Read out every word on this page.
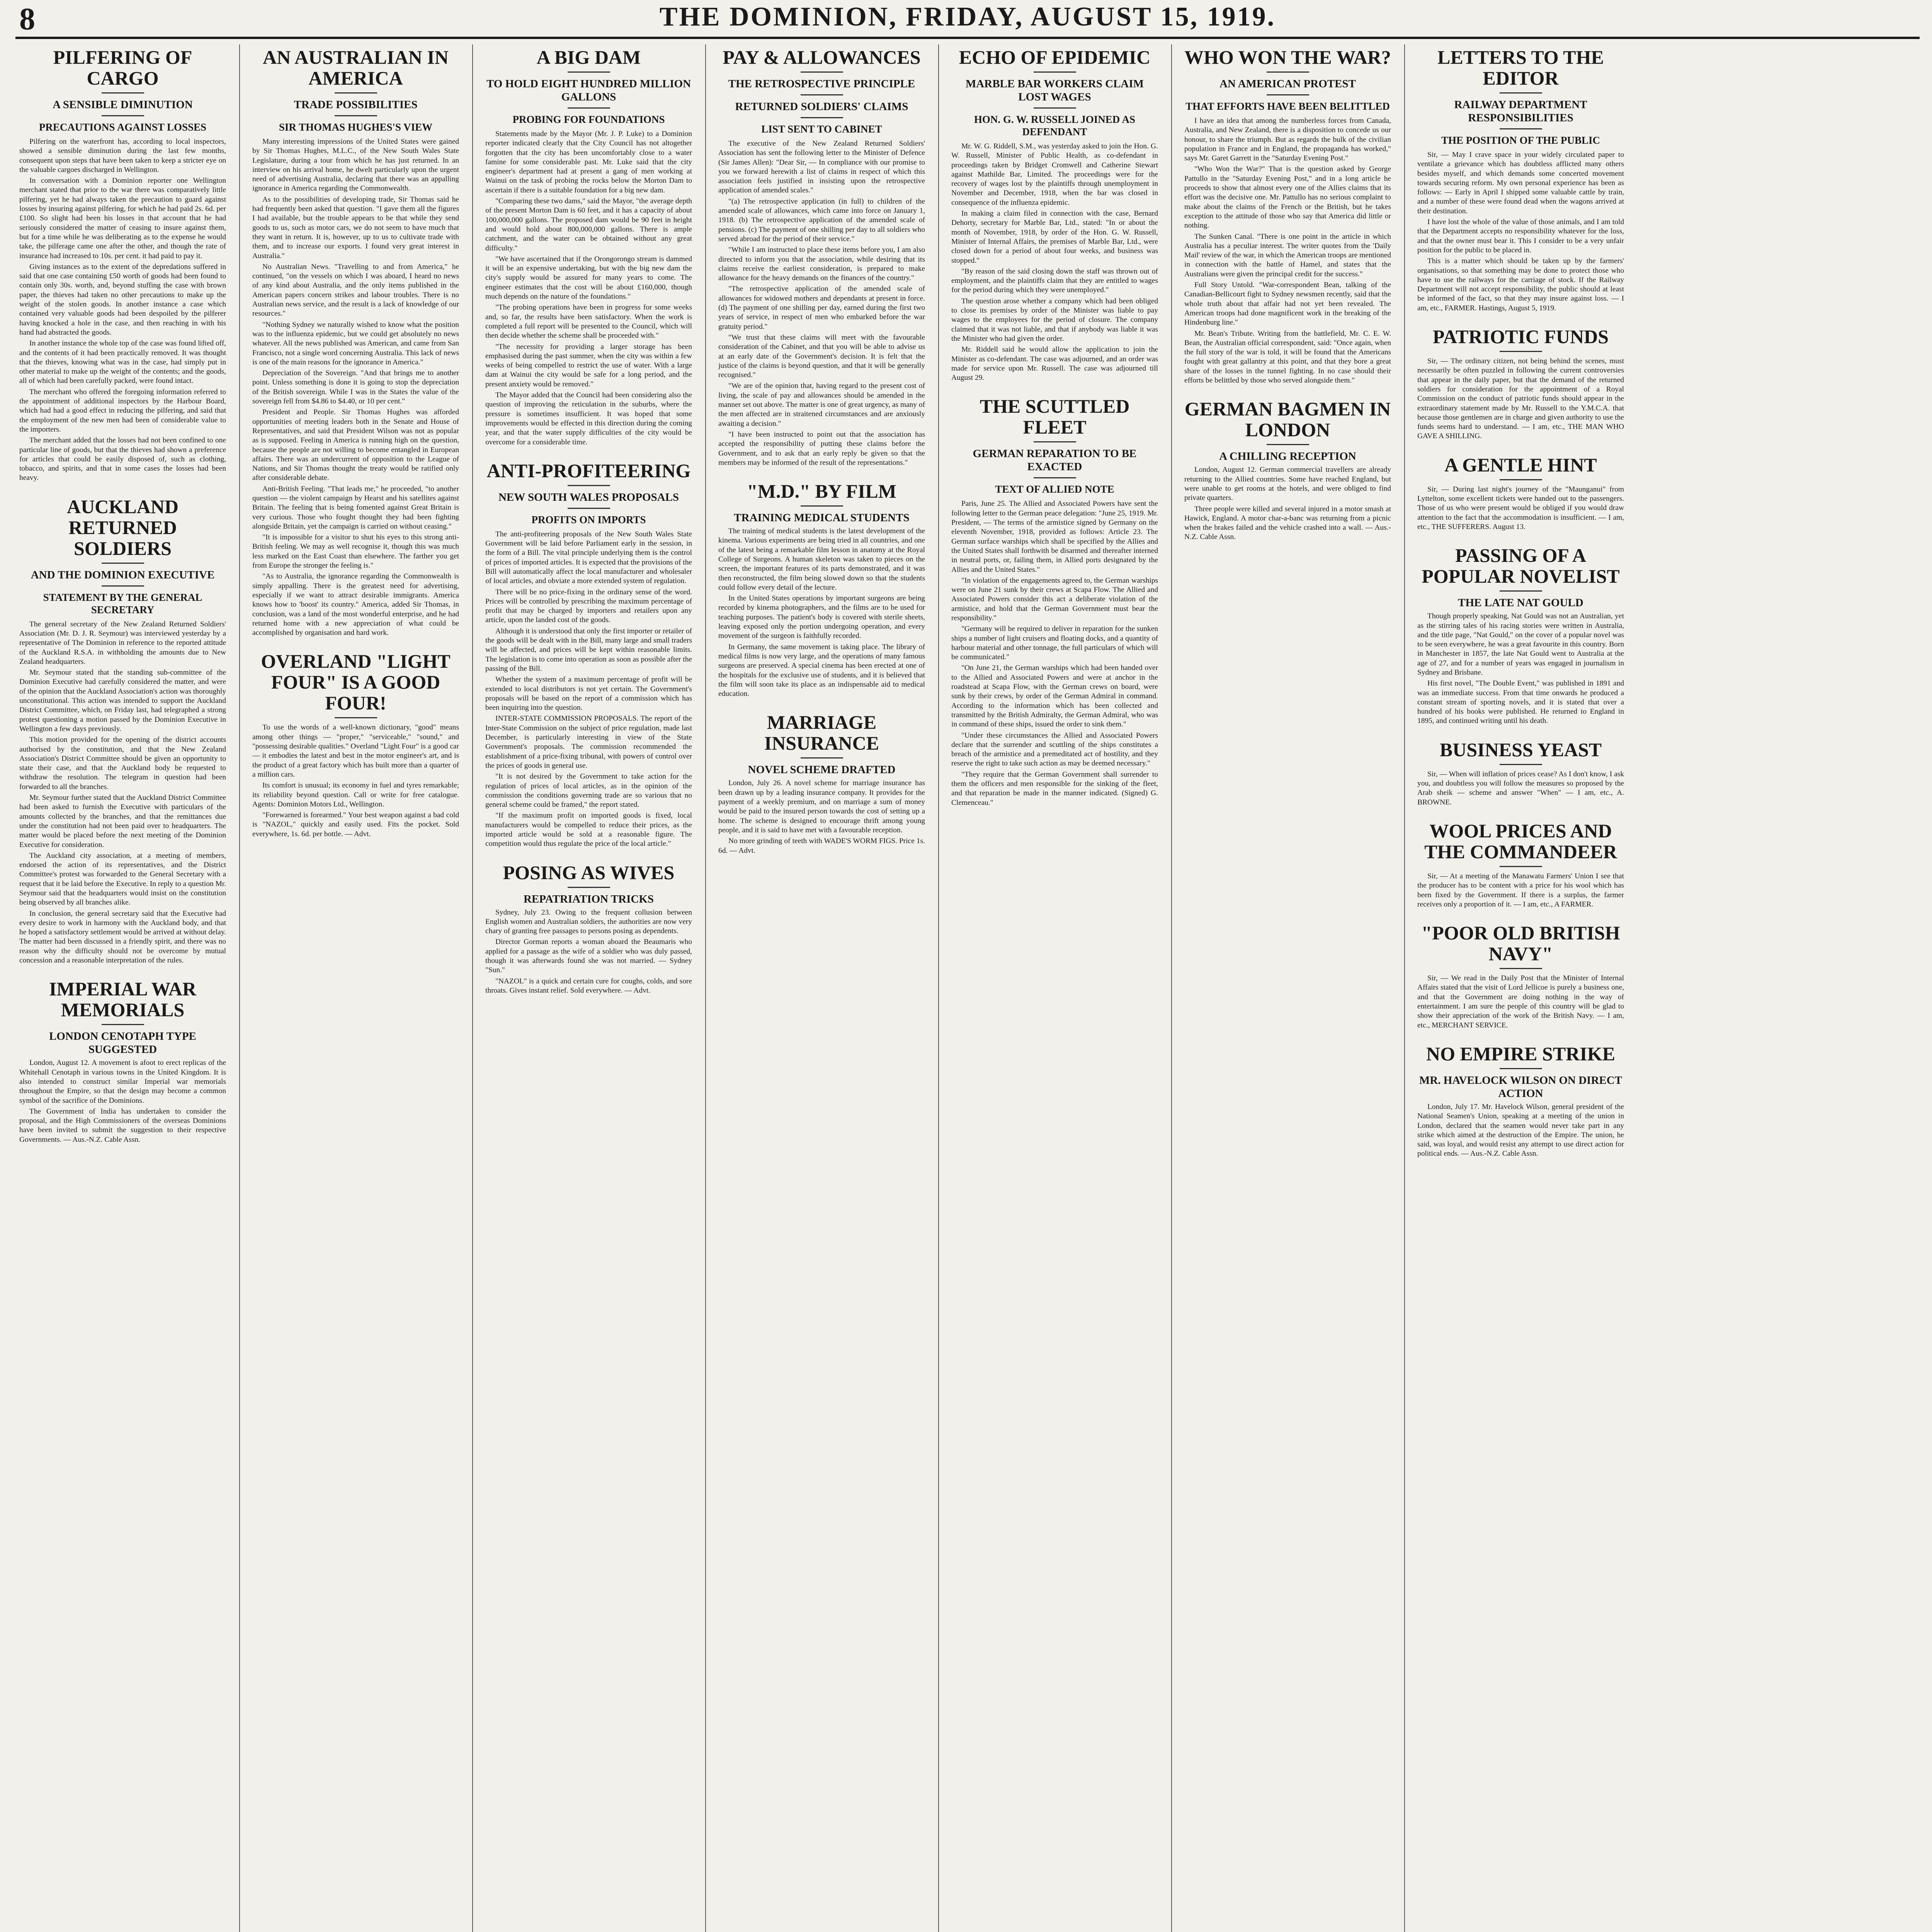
8	THE DOMINION, FRIDAY, AUGUST 15, 1919.
PILFERING OF CARGO
A SENSIBLE DIMINUTION
PRECAUTIONS AGAINST LOSSES

Pilfering on the waterfront has, according to local inspectors, showed a sensible diminution during the last few months, consequent upon steps that have been taken to keep a stricter eye on the valuable cargoes discharged in Wellington.

In conversation with a Dominion reporter one Wellington merchant stated that prior to the war there was comparatively little pilfering, yet he had always taken the precaution to guard against losses by insuring against pilfering, for which he had paid 2s. 6d. per £100. So slight had been his losses in that account that he had seriously considered the matter of ceasing to insure against them, but for a time while he was deliberating as to the expense he would take, the pilferage came one after the other, and though the rate of insurance had increased to 10s. per cent. it had paid to pay it.

Giving instances as to the extent of the depredations suffered in said that one case containing £50 worth of goods had been found to contain only 30s. worth, and, beyond stuffing the case with brown paper, the thieves had taken no other precautions to make up the weight of the stolen goods. In another instance a case which contained very valuable goods had been despoiled by the pilferer having knocked a hole in the case, and then reaching in with his hand had abstracted the goods.

In another instance the whole top of the case was found lifted off, and the contents of it had been practically removed. It was thought that the thieves, knowing what was in the case, had simply put in other material to make up the weight of the contents; and the goods, all of which had been carefully packed, were found intact.

The merchant who offered the foregoing information referred to the appointment of additional inspectors by the Harbour Board, which had had a good effect in reducing the pilfering, and said that the employment of the new men had been of considerable value to the importers.

The merchant added that the losses had not been confined to one particular line of goods, but that the thieves had shown a preference for articles that could be easily disposed of, such as clothing, tobacco, and spirits, and that in some cases the losses had been heavy.

AUCKLAND RETURNED SOLDIERS
AND THE DOMINION EXECUTIVE
STATEMENT BY THE GENERAL SECRETARY

The general secretary of the New Zealand Returned Soldiers' Association (Mr. D. J. R. Seymour) was interviewed yesterday by a representative of The Dominion in reference to the reported attitude of the Auckland R.S.A. in withholding the amounts due to New Zealand headquarters.

Mr. Seymour stated that the standing sub-committee of the Dominion Executive had carefully considered the matter, and were of the opinion that the Auckland Association's action was thoroughly unconstitutional. This action was intended to support the Auckland District Committee, which, on Friday last, had telegraphed a strong protest questioning a motion passed by the Dominion Executive in Wellington a few days previously.

This motion provided for the opening of the district accounts authorised by the constitution, and that the New Zealand Association's District Committee should be given an opportunity to state their case, and that the Auckland body be requested to withdraw the resolution. The telegram in question had been forwarded to all the branches.

Mr. Seymour further stated that the Auckland District Committee had been asked to furnish the Executive with particulars of the amounts collected by the branches, and that the remittances due under the constitution had not been paid over to headquarters. The matter would be placed before the next meeting of the Dominion Executive for consideration.

The Auckland city association, at a meeting of members, endorsed the action of its representatives, and the District Committee's protest was forwarded to the General Secretary with a request that it be laid before the Executive. In reply to a question Mr. Seymour said that the headquarters would insist on the constitution being observed by all branches alike.

In conclusion, the general secretary said that the Executive had every desire to work in harmony with the Auckland body, and that he hoped a satisfactory settlement would be arrived at without delay. The matter had been discussed in a friendly spirit, and there was no reason why the difficulty should not be overcome by mutual concession and a reasonable interpretation of the rules.

IMPERIAL WAR MEMORIALS
LONDON CENOTAPH TYPE SUGGESTED

London, August 12. A movement is afoot to erect replicas of the Whitehall Cenotaph in various towns in the United Kingdom. It is also intended to construct similar Imperial war memorials throughout the Empire, so that the design may become a common symbol of the sacrifice of the Dominions.

The Government of India has undertaken to consider the proposal, and the High Commissioners of the overseas Dominions have been invited to submit the suggestion to their respective Governments. — Aus.-N.Z. Cable Assn.

AN AUSTRALIAN IN AMERICA
TRADE POSSIBILITIES
SIR THOMAS HUGHES'S VIEW

Many interesting impressions of the United States were gained by Sir Thomas Hughes, M.L.C., of the New South Wales State Legislature, during a tour from which he has just returned. In an interview on his arrival home, he dwelt particularly upon the urgent need of advertising Australia, declaring that there was an appalling ignorance in America regarding the Commonwealth.

As to the possibilities of developing trade, Sir Thomas said he had frequently been asked that question. "I gave them all the figures I had available, but the trouble appears to be that while they send goods to us, such as motor cars, we do not seem to have much that they want in return. It is, however, up to us to cultivate trade with them, and to increase our exports. I found very great interest in Australia."

No Australian News. "Travelling to and from America," he continued, "on the vessels on which I was aboard, I heard no news of any kind about Australia, and the only items published in the American papers concern strikes and labour troubles. There is no Australian news service, and the result is a lack of knowledge of our resources."

"Nothing Sydney we naturally wished to know what the position was to the influenza epidemic, but we could get absolutely no news whatever. All the news published was American, and came from San Francisco, not a single word concerning Australia. This lack of news is one of the main reasons for the ignorance in America."

Depreciation of the Sovereign. "And that brings me to another point. Unless something is done it is going to stop the depreciation of the British sovereign. While I was in the States the value of the sovereign fell from $4.86 to $4.40, or 10 per cent."

President and People. Sir Thomas Hughes was afforded opportunities of meeting leaders both in the Senate and House of Representatives, and said that President Wilson was not as popular as is supposed. Feeling in America is running high on the question, because the people are not willing to become entangled in European affairs. There was an undercurrent of opposition to the League of Nations, and Sir Thomas thought the treaty would be ratified only after considerable debate.

Anti-British Feeling. "That leads me," he proceeded, "to another question — the violent campaign by Hearst and his satellites against Britain. The feeling that is being fomented against Great Britain is very curious. Those who fought thought they had been fighting alongside Britain, yet the campaign is carried on without ceasing."

"It is impossible for a visitor to shut his eyes to this strong anti-British feeling. We may as well recognise it, though this was much less marked on the East Coast than elsewhere. The farther you get from Europe the stronger the feeling is."

"As to Australia, the ignorance regarding the Commonwealth is simply appalling. There is the greatest need for advertising, especially if we want to attract desirable immigrants. America knows how to 'boost' its country." America, added Sir Thomas, in conclusion, was a land of the most wonderful enterprise, and he had returned home with a new appreciation of what could be accomplished by organisation and hard work.

OVERLAND "LIGHT FOUR" IS A GOOD FOUR!

To use the words of a well-known dictionary, "good" means among other things — "proper," "serviceable," "sound," and "possessing desirable qualities." Overland "Light Four" is a good car — it embodies the latest and best in the motor engineer's art, and is the product of a great factory which has built more than a quarter of a million cars.

Its comfort is unusual; its economy in fuel and tyres remarkable; its reliability beyond question. Call or write for free catalogue. Agents: Dominion Motors Ltd., Wellington.

"Forewarned is forearmed." Your best weapon against a bad cold is "NAZOL," quickly and easily used. Fits the pocket. Sold everywhere, 1s. 6d. per bottle. — Advt.

A BIG DAM
TO HOLD EIGHT HUNDRED MILLION GALLONS
PROBING FOR FOUNDATIONS

Statements made by the Mayor (Mr. J. P. Luke) to a Dominion reporter indicated clearly that the City Council has not altogether forgotten that the city has been uncomfortably close to a water famine for some considerable past. Mr. Luke said that the city engineer's department had at present a gang of men working at Wainui on the task of probing the rocks below the Morton Dam to ascertain if there is a suitable foundation for a big new dam.

"Comparing these two dams," said the Mayor, "the average depth of the present Morton Dam is 60 feet, and it has a capacity of about 100,000,000 gallons. The proposed dam would be 90 feet in height and would hold about 800,000,000 gallons. There is ample catchment, and the water can be obtained without any great difficulty."

"We have ascertained that if the Orongorongo stream is dammed it will be an expensive undertaking, but with the big new dam the city's supply would be assured for many years to come. The engineer estimates that the cost will be about £160,000, though much depends on the nature of the foundations."

"The probing operations have been in progress for some weeks and, so far, the results have been satisfactory. When the work is completed a full report will be presented to the Council, which will then decide whether the scheme shall be proceeded with."

"The necessity for providing a larger storage has been emphasised during the past summer, when the city was within a few weeks of being compelled to restrict the use of water. With a large dam at Wainui the city would be safe for a long period, and the present anxiety would be removed."

The Mayor added that the Council had been considering also the question of improving the reticulation in the suburbs, where the pressure is sometimes insufficient. It was hoped that some improvements would be effected in this direction during the coming year, and that the water supply difficulties of the city would be overcome for a considerable time.

ANTI-PROFITEERING
NEW SOUTH WALES PROPOSALS
PROFITS ON IMPORTS

The anti-profiteering proposals of the New South Wales State Government will be laid before Parliament early in the session, in the form of a Bill. The vital principle underlying them is the control of prices of imported articles. It is expected that the provisions of the Bill will automatically affect the local manufacturer and wholesaler of local articles, and obviate a more extended system of regulation.

There will be no price-fixing in the ordinary sense of the word. Prices will be controlled by prescribing the maximum percentage of profit that may be charged by importers and retailers upon any article, upon the landed cost of the goods.

Although it is understood that only the first importer or retailer of the goods will be dealt with in the Bill, many large and small traders will be affected, and prices will be kept within reasonable limits. The legislation is to come into operation as soon as possible after the passing of the Bill.

Whether the system of a maximum percentage of profit will be extended to local distributors is not yet certain. The Government's proposals will be based on the report of a commission which has been inquiring into the question.

INTER-STATE COMMISSION PROPOSALS. The report of the Inter-State Commission on the subject of price regulation, made last December, is particularly interesting in view of the State Government's proposals. The commission recommended the establishment of a price-fixing tribunal, with powers of control over the prices of goods in general use.

"It is not desired by the Government to take action for the regulation of prices of local articles, as in the opinion of the commission the conditions governing trade are so various that no general scheme could be framed," the report stated.

"If the maximum profit on imported goods is fixed, local manufacturers would be compelled to reduce their prices, as the imported article would be sold at a reasonable figure. The competition would thus regulate the price of the local article."

POSING AS WIVES
REPATRIATION TRICKS

Sydney, July 23. Owing to the frequent collusion between English women and Australian soldiers, the authorities are now very chary of granting free passages to persons posing as dependents.

Director Gorman reports a woman aboard the Beaumaris who applied for a passage as the wife of a soldier who was duly passed, though it was afterwards found she was not married. — Sydney "Sun."

"NAZOL" is a quick and certain cure for coughs, colds, and sore throats. Gives instant relief. Sold everywhere. — Advt.

PAY & ALLOWANCES
THE RETROSPECTIVE PRINCIPLE
RETURNED SOLDIERS' CLAIMS
LIST SENT TO CABINET

The executive of the New Zealand Returned Soldiers' Association has sent the following letter to the Minister of Defence (Sir James Allen): "Dear Sir, — In compliance with our promise to you we forward herewith a list of claims in respect of which this association feels justified in insisting upon the retrospective application of amended scales."

"(a) The retrospective application (in full) to children of the amended scale of allowances, which came into force on January 1, 1918. (b) The retrospective application of the amended scale of pensions. (c) The payment of one shilling per day to all soldiers who served abroad for the period of their service."

"While I am instructed to place these items before you, I am also directed to inform you that the association, while desiring that its claims receive the earliest consideration, is prepared to make allowance for the heavy demands on the finances of the country."

"The retrospective application of the amended scale of allowances for widowed mothers and dependants at present in force. (d) The payment of one shilling per day, earned during the first two years of service, in respect of men who embarked before the war gratuity period."

"We trust that these claims will meet with the favourable consideration of the Cabinet, and that you will be able to advise us at an early date of the Government's decision. It is felt that the justice of the claims is beyond question, and that it will be generally recognised."

"We are of the opinion that, having regard to the present cost of living, the scale of pay and allowances should be amended in the manner set out above. The matter is one of great urgency, as many of the men affected are in straitened circumstances and are anxiously awaiting a decision."

"I have been instructed to point out that the association has accepted the responsibility of putting these claims before the Government, and to ask that an early reply be given so that the members may be informed of the result of the representations."

"M.D." BY FILM
TRAINING MEDICAL STUDENTS

The training of medical students is the latest development of the kinema. Various experiments are being tried in all countries, and one of the latest being a remarkable film lesson in anatomy at the Royal College of Surgeons. A human skeleton was taken to pieces on the screen, the important features of its parts demonstrated, and it was then reconstructed, the film being slowed down so that the students could follow every detail of the lecture.

In the United States operations by important surgeons are being recorded by kinema photographers, and the films are to be used for teaching purposes. The patient's body is covered with sterile sheets, leaving exposed only the portion undergoing operation, and every movement of the surgeon is faithfully recorded.

In Germany, the same movement is taking place. The library of medical films is now very large, and the operations of many famous surgeons are preserved. A special cinema has been erected at one of the hospitals for the exclusive use of students, and it is believed that the film will soon take its place as an indispensable aid to medical education.

MARRIAGE INSURANCE
NOVEL SCHEME DRAFTED

London, July 26. A novel scheme for marriage insurance has been drawn up by a leading insurance company. It provides for the payment of a weekly premium, and on marriage a sum of money would be paid to the insured person towards the cost of setting up a home. The scheme is designed to encourage thrift among young people, and it is said to have met with a favourable reception.

No more grinding of teeth with WADE'S WORM FIGS. Price 1s. 6d. — Advt.

ECHO OF EPIDEMIC
MARBLE BAR WORKERS CLAIM LOST WAGES
HON. G. W. RUSSELL JOINED AS DEFENDANT

Mr. W. G. Riddell, S.M., was yesterday asked to join the Hon. G. W. Russell, Minister of Public Health, as co-defendant in proceedings taken by Bridget Cromwell and Catherine Stewart against Mathilde Bar, Limited. The proceedings were for the recovery of wages lost by the plaintiffs through unemployment in November and December, 1918, when the bar was closed in consequence of the influenza epidemic.

In making a claim filed in connection with the case, Bernard Dehorty, secretary for Marble Bar, Ltd., stated: "In or about the month of November, 1918, by order of the Hon. G. W. Russell, Minister of Internal Affairs, the premises of Marble Bar, Ltd., were closed down for a period of about four weeks, and business was stopped."

"By reason of the said closing down the staff was thrown out of employment, and the plaintiffs claim that they are entitled to wages for the period during which they were unemployed."

The question arose whether a company which had been obliged to close its premises by order of the Minister was liable to pay wages to the employees for the period of closure. The company claimed that it was not liable, and that if anybody was liable it was the Minister who had given the order.

Mr. Riddell said he would allow the application to join the Minister as co-defendant. The case was adjourned, and an order was made for service upon Mr. Russell. The case was adjourned till August 29.

THE SCUTTLED FLEET
GERMAN REPARATION TO BE EXACTED
TEXT OF ALLIED NOTE

Paris, June 25. The Allied and Associated Powers have sent the following letter to the German peace delegation: "June 25, 1919. Mr. President, — The terms of the armistice signed by Germany on the eleventh November, 1918, provided as follows: Article 23. The German surface warships which shall be specified by the Allies and the United States shall forthwith be disarmed and thereafter interned in neutral ports, or, failing them, in Allied ports designated by the Allies and the United States."

"In violation of the engagements agreed to, the German warships were on June 21 sunk by their crews at Scapa Flow. The Allied and Associated Powers consider this act a deliberate violation of the armistice, and hold that the German Government must bear the responsibility."

"Germany will be required to deliver in reparation for the sunken ships a number of light cruisers and floating docks, and a quantity of harbour material and other tonnage, the full particulars of which will be communicated."

"On June 21, the German warships which had been handed over to the Allied and Associated Powers and were at anchor in the roadstead at Scapa Flow, with the German crews on board, were sunk by their crews, by order of the German Admiral in command. According to the information which has been collected and transmitted by the British Admiralty, the German Admiral, who was in command of these ships, issued the order to sink them."

"Under these circumstances the Allied and Associated Powers declare that the surrender and scuttling of the ships constitutes a breach of the armistice and a premeditated act of hostility, and they reserve the right to take such action as may be deemed necessary."

"They require that the German Government shall surrender to them the officers and men responsible for the sinking of the fleet, and that reparation be made in the manner indicated. (Signed) G. Clemenceau."

WHO WON THE WAR?
AN AMERICAN PROTEST
THAT EFFORTS HAVE BEEN BELITTLED

I have an idea that among the numberless forces from Canada, Australia, and New Zealand, there is a disposition to concede us our honour, to share the triumph. But as regards the bulk of the civilian population in France and in England, the propaganda has worked," says Mr. Garet Garrett in the "Saturday Evening Post."

"Who Won the War?" That is the question asked by George Pattullo in the "Saturday Evening Post," and in a long article he proceeds to show that almost every one of the Allies claims that its effort was the decisive one. Mr. Pattullo has no serious complaint to make about the claims of the French or the British, but he takes exception to the attitude of those who say that America did little or nothing.

The Sunken Canal. "There is one point in the article in which Australia has a peculiar interest. The writer quotes from the 'Daily Mail' review of the war, in which the American troops are mentioned in connection with the battle of Hamel, and states that the Australians were given the principal credit for the success."

Full Story Untold. "War-correspondent Bean, talking of the Canadian-Bellicourt fight to Sydney newsmen recently, said that the whole truth about that affair had not yet been revealed. The American troops had done magnificent work in the breaking of the Hindenburg line."

Mr. Bean's Tribute. Writing from the battlefield, Mr. C. E. W. Bean, the Australian official correspondent, said: "Once again, when the full story of the war is told, it will be found that the Americans fought with great gallantry at this point, and that they bore a great share of the losses in the tunnel fighting. In no case should their efforts be belittled by those who served alongside them."

GERMAN BAGMEN IN LONDON
A CHILLING RECEPTION

London, August 12. German commercial travellers are already returning to the Allied countries. Some have reached England, but were unable to get rooms at the hotels, and were obliged to find private quarters.

Three people were killed and several injured in a motor smash at Hawick, England. A motor char-a-banc was returning from a picnic when the brakes failed and the vehicle crashed into a wall. — Aus.-N.Z. Cable Assn.

LETTERS TO THE EDITOR
RAILWAY DEPARTMENT RESPONSIBILITIES
THE POSITION OF THE PUBLIC

Sir, — May I crave space in your widely circulated paper to ventilate a grievance which has doubtless afflicted many others besides myself, and which demands some concerted movement towards securing reform. My own personal experience has been as follows: — Early in April I shipped some valuable cattle by train, and a number of these were found dead when the wagons arrived at their destination.

I have lost the whole of the value of those animals, and I am told that the Department accepts no responsibility whatever for the loss, and that the owner must bear it. This I consider to be a very unfair position for the public to be placed in.

This is a matter which should be taken up by the farmers' organisations, so that something may be done to protect those who have to use the railways for the carriage of stock. If the Railway Department will not accept responsibility, the public should at least be informed of the fact, so that they may insure against loss. — I am, etc., FARMER. Hastings, August 5, 1919.

PATRIOTIC FUNDS

Sir, — The ordinary citizen, not being behind the scenes, must necessarily be often puzzled in following the current controversies that appear in the daily paper, but that the demand of the returned soldiers for consideration for the appointment of a Royal Commission on the conduct of patriotic funds should appear in the extraordinary statement made by Mr. Russell to the Y.M.C.A. that because those gentlemen are in charge and given authority to use the funds seems hard to understand. — I am, etc., THE MAN WHO GAVE A SHILLING.

A GENTLE HINT

Sir, — During last night's journey of the "Maunganui" from Lyttelton, some excellent tickets were handed out to the passengers. Those of us who were present would be obliged if you would draw attention to the fact that the accommodation is insufficient. — I am, etc., THE SUFFERERS. August 13.

PASSING OF A POPULAR NOVELIST
THE LATE NAT GOULD

Though properly speaking, Nat Gould was not an Australian, yet as the stirring tales of his racing stories were written in Australia, and the title page, "Nat Gould," on the cover of a popular novel was to be seen everywhere, he was a great favourite in this country. Born in Manchester in 1857, the late Nat Gould went to Australia at the age of 27, and for a number of years was engaged in journalism in Sydney and Brisbane.

His first novel, "The Double Event," was published in 1891 and was an immediate success. From that time onwards he produced a constant stream of sporting novels, and it is stated that over a hundred of his books were published. He returned to England in 1895, and continued writing until his death.

BUSINESS YEAST

Sir, — When will inflation of prices cease? As I don't know, I ask you, and doubtless you will follow the measures so proposed by the Arab sheik — scheme and answer "When" — I am, etc., A. BROWNE.

WOOL PRICES AND THE COMMANDEER

Sir, — At a meeting of the Manawatu Farmers' Union I see that the producer has to be content with a price for his wool which has been fixed by the Government. If there is a surplus, the farmer receives only a proportion of it. — I am, etc., A FARMER.

"POOR OLD BRITISH NAVY"

Sir, — We read in the Daily Post that the Minister of Internal Affairs stated that the visit of Lord Jellicoe is purely a business one, and that the Government are doing nothing in the way of entertainment. I am sure the people of this country will be glad to show their appreciation of the work of the British Navy. — I am, etc., MERCHANT SERVICE.

NO EMPIRE STRIKE
MR. HAVELOCK WILSON ON DIRECT ACTION

London, July 17. Mr. Havelock Wilson, general president of the National Seamen's Union, speaking at a meeting of the union in London, declared that the seamen would never take part in any strike which aimed at the destruction of the Empire. The union, he said, was loyal, and would resist any attempt to use direct action for political ends. — Aus.-N.Z. Cable Assn.
